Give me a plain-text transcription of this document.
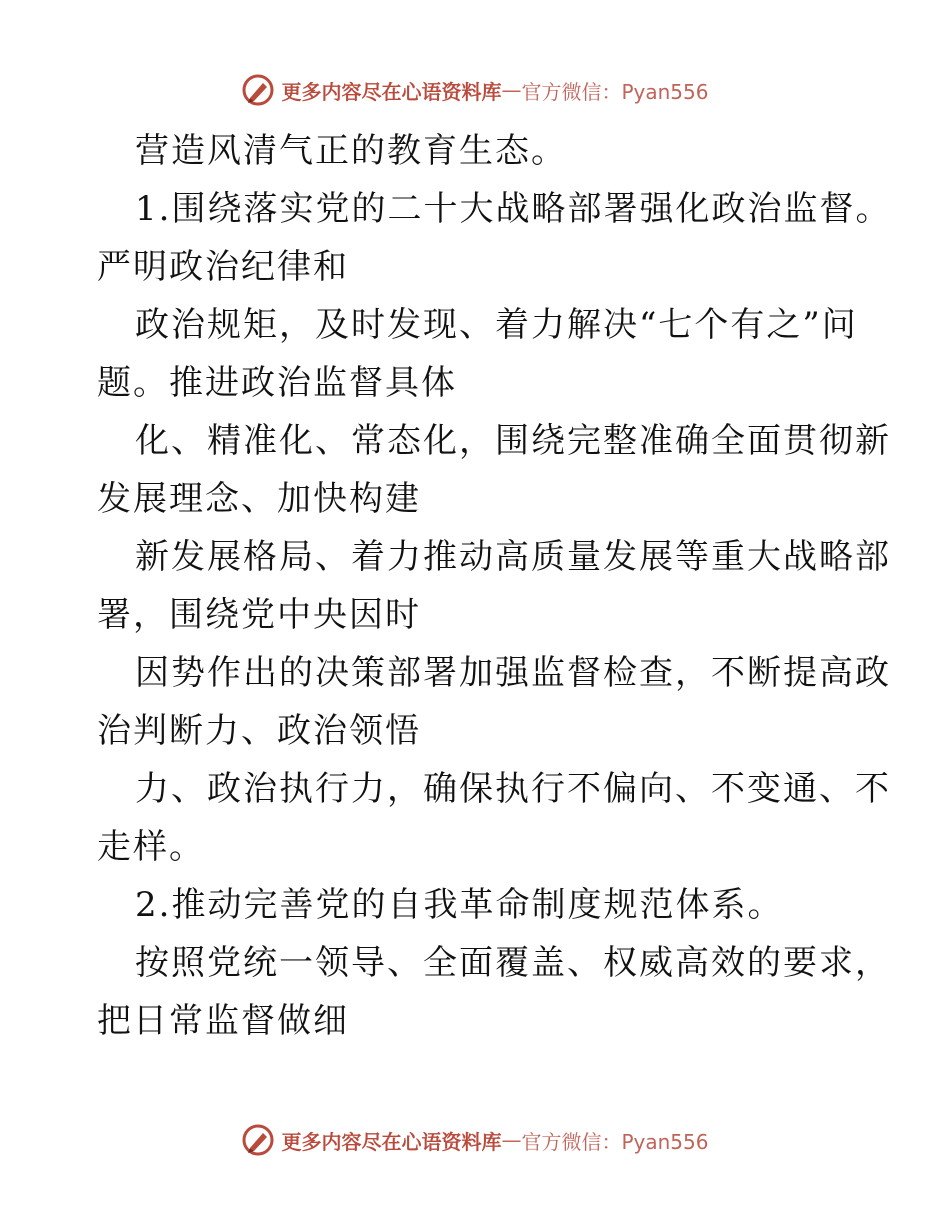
更多内容尽在心语资料库 — 官方微信：Pyan556
营造风清气正的教育生态。
1.围绕落实党的二十大战略部署强化政治监督。
严明政治纪律和
政治规矩，及时发现、着力解决“七个有之”问
题。推进政治监督具体
化、精准化、常态化，围绕完整准确全面贯彻新
发展理念、加快构建
新发展格局、着力推动高质量发展等重大战略部
署，围绕党中央因时
因势作出的决策部署加强监督检查，不断提高政
治判断力、政治领悟
力、政治执行力，确保执行不偏向、不变通、不
走样。
2.推动完善党的自我革命制度规范体系。
按照党统一领导、全面覆盖、权威高效的要求，
把日常监督做细
更多内容尽在心语资料库 — 官方微信：Pyan556
